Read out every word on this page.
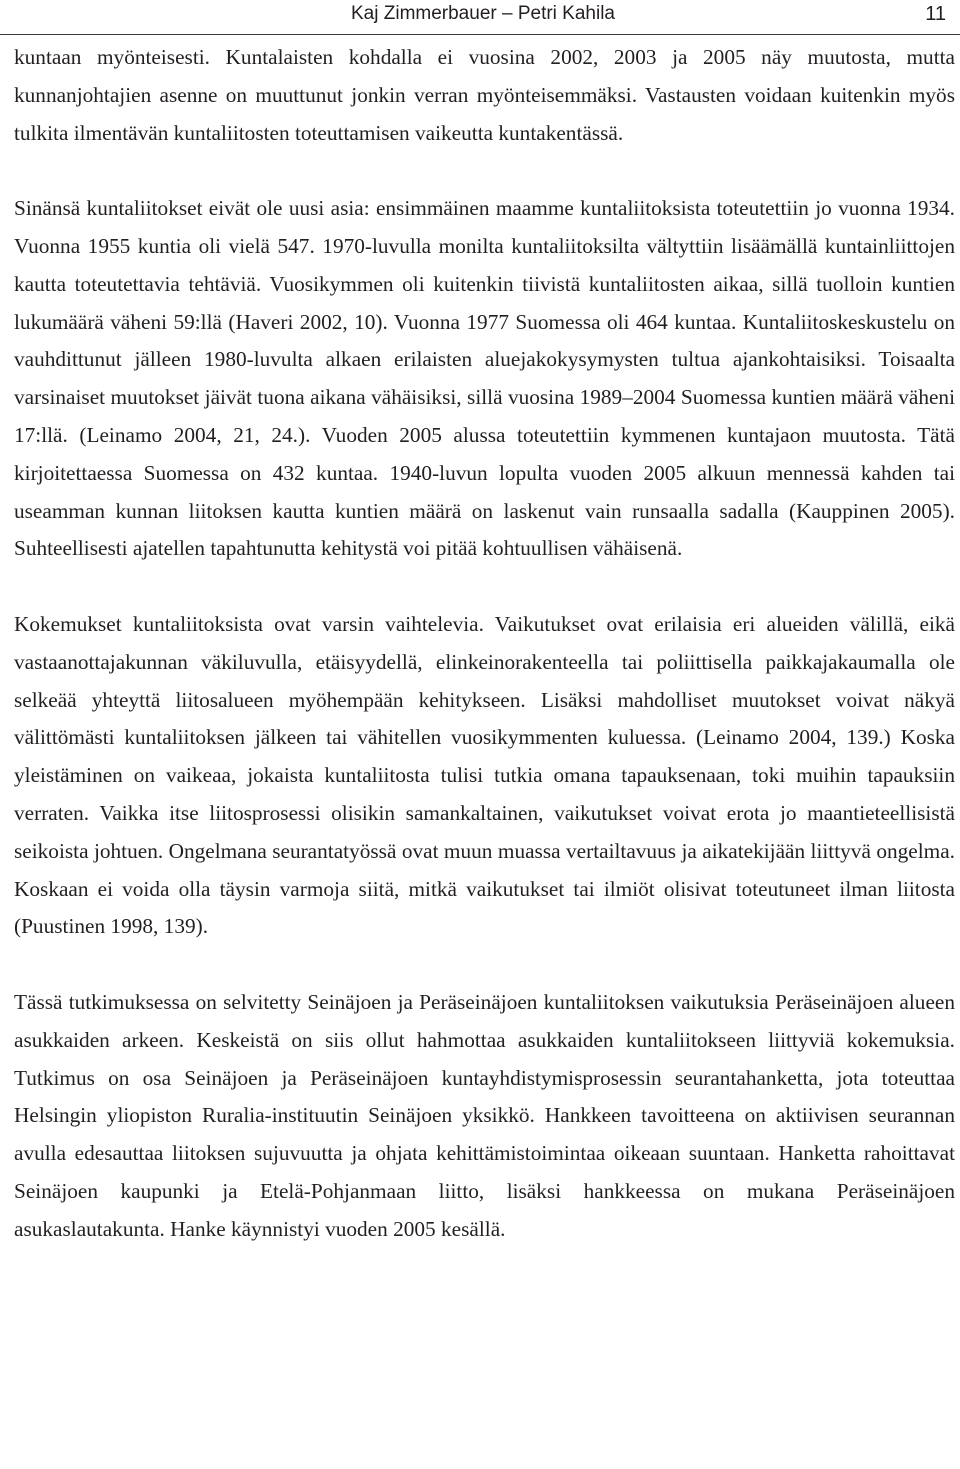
Kaj Zimmerbauer – Petri Kahila	11

kuntaan myönteisesti. Kuntalaisten kohdalla ei vuosina 2002, 2003 ja 2005 näy muutosta, mutta kunnanjohtajien asenne on muuttunut jonkin verran myönteisemmäksi. Vastausten voidaan kuitenkin myös tulkita ilmentävän kuntaliitosten toteuttamisen vaikeutta kuntakentässä.

Sinänsä kuntaliitokset eivät ole uusi asia: ensimmäinen maamme kuntaliitoksista toteutettiin jo vuonna 1934. Vuonna 1955 kuntia oli vielä 547. 1970-luvulla monilta kuntaliitoksilta vältyttiin lisäämällä kuntainliittojen kautta toteutettavia tehtäviä. Vuosikymmen oli kuitenkin tiivistä kuntaliitosten aikaa, sillä tuolloin kuntien lukumäärä väheni 59:llä (Haveri 2002, 10). Vuonna 1977 Suomessa oli 464 kuntaa. Kuntaliitoskeskustelu on vauhdittunut jälleen 1980-luvulta alkaen erilaisten aluejakokysymysten tultua ajankohtaisiksi. Toisaalta varsinaiset muutokset jäivät tuona aikana vähäisiksi, sillä vuosina 1989–2004 Suomessa kuntien määrä väheni 17:llä. (Leinamo 2004, 21, 24.). Vuoden 2005 alussa toteutettiin kymmenen kuntajaon muutosta. Tätä kirjoitettaessa Suomessa on 432 kuntaa. 1940-luvun lopulta vuoden 2005 alkuun mennessä kahden tai useamman kunnan liitoksen kautta kuntien määrä on laskenut vain runsaalla sadalla (Kauppinen 2005). Suhteellisesti ajatellen tapahtunutta kehitystä voi pitää kohtuullisen vähäisenä.

Kokemukset kuntaliitoksista ovat varsin vaihtelevia. Vaikutukset ovat erilaisia eri alueiden välillä, eikä vastaanottajakunnan väkiluvulla, etäisyydellä, elinkeinorakenteella tai poliittisella paikkajakaumalla ole selkeää yhteyttä liitosalueen myöhempään kehitykseen. Lisäksi mahdolliset muutokset voivat näkyä välittömästi kuntaliitoksen jälkeen tai vähitellen vuosikymmenten kuluessa. (Leinamo 2004, 139.) Koska yleistäminen on vaikeaa, jokaista kuntaliitosta tulisi tutkia omana tapauksenaan, toki muihin tapauksiin verraten. Vaikka itse liitosprosessi olisikin samankaltainen, vaikutukset voivat erota jo maantieteellisistä seikoista johtuen. Ongelmana seurantatyössä ovat muun muassa vertailtavuus ja aikatekijään liittyvä ongelma. Koskaan ei voida olla täysin varmoja siitä, mitkä vaikutukset tai ilmiöt olisivat toteutuneet ilman liitosta (Puustinen 1998, 139).

Tässä tutkimuksessa on selvitetty Seinäjoen ja Peräseinäjoen kuntaliitoksen vaikutuksia Peräseinäjoen alueen asukkaiden arkeen. Keskeistä on siis ollut hahmottaa asukkaiden kuntaliitokseen liittyviä kokemuksia. Tutkimus on osa Seinäjoen ja Peräseinäjoen kuntayhdistymisprosessin seurantahanketta, jota toteuttaa Helsingin yliopiston Ruralia-instituutin Seinäjoen yksikkö. Hankkeen tavoitteena on aktiivisen seurannan avulla edesauttaa liitoksen sujuvuutta ja ohjata kehittämistoimintaa oikeaan suuntaan. Hanketta rahoittavat Seinäjoen kaupunki ja Etelä-Pohjanmaan liitto, lisäksi hankkeessa on mukana Peräseinäjoen asukaslautakunta. Hanke käynnistyi vuoden 2005 kesällä.
